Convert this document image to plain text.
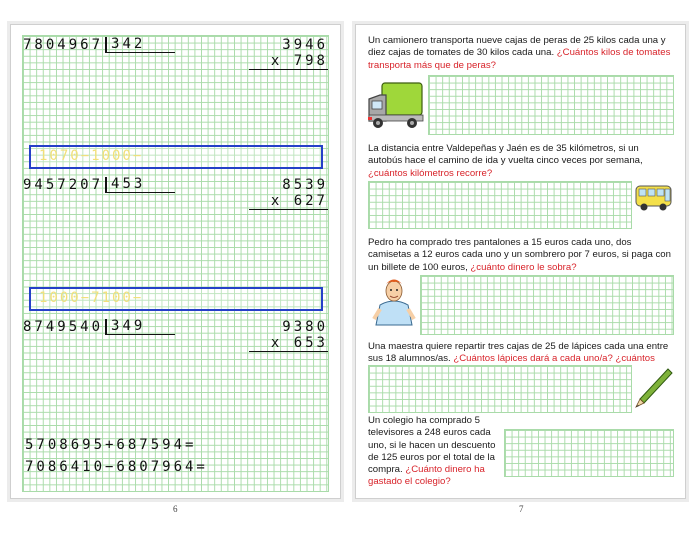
7804967 342	3946
x 798
1070−1000−
9457207 453	8539
x 627
1000−7100−
8749540 349	9380
x 653
5708695+687594=
7086410−6807964=
6
Un camionero transporta nueve cajas de peras de 25 kilos cada una y diez cajas de tomates de 30 kilos cada una. ¿Cuántos kilos de tomates transporta más que de peras?
La distancia entre Valdepeñas y Jaén es de 35 kilómetros, si un autobús hace el camino de ida y vuelta cinco veces por semana, ¿cuántos kilómetros recorre?
Pedro ha comprado tres pantalones a 15 euros cada uno, dos camisetas a 12 euros cada uno y un sombrero por 7 euros, si paga con un billete de 100 euros, ¿cuánto dinero le sobra?
Una maestra quiere repartir tres cajas de 25 de lápices cada una entre sus 18 alumnos/as. ¿Cuántos lápices dará a cada uno/a? ¿cuántos
Un colegio ha comprado 5 televisores a 248 euros cada uno, si le hacen un descuento de 125 euros por el total de la compra. ¿Cuánto dinero ha gastado el colegio?
7
